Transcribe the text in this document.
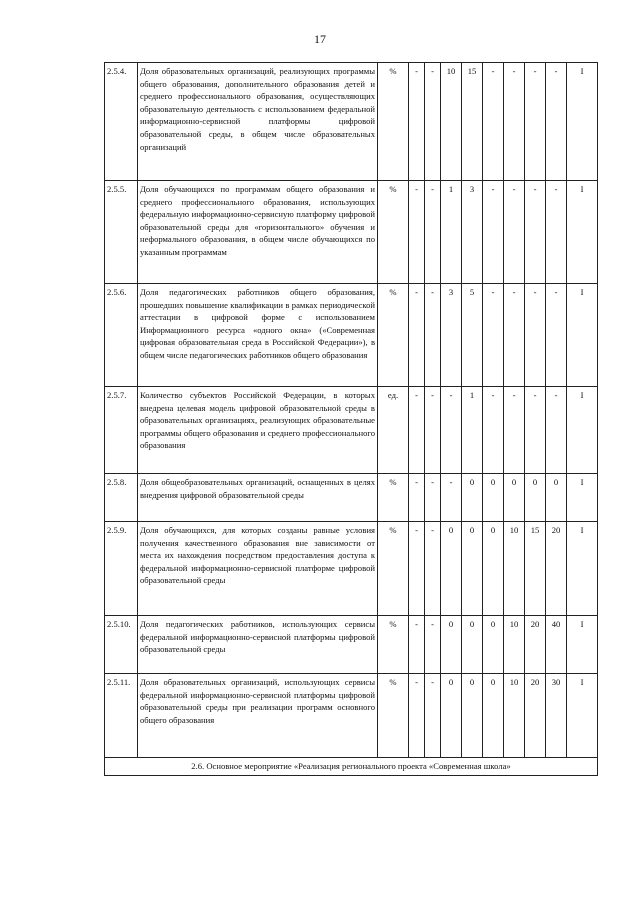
17
2.5.4.	Доля образовательных организаций, реализующих программы общего образования, дополнительного образования детей и среднего профессионального образования, осуществляющих образовательную деятельность с использованием федеральной информационно-сервисной платформы цифровой образовательной среды, в общем числе образовательных организаций	%	-	-	10	15	-	-	-	-	I
2.5.5.	Доля обучающихся по программам общего образования и среднего профессионального образования, использующих федеральную информационно-сервисную платформу цифровой образовательной среды для «горизонтального» обучения и неформального образования, в общем числе обучающихся по указанным программам	%	-	-	1	3	-	-	-	-	I
2.5.6.	Доля педагогических работников общего образования, прошедших повышение квалификации в рамках периодической аттестации в цифровой форме с использованием Информационного ресурса «одного окна» («Современная цифровая образовательная среда в Российской Федерации»), в общем числе педагогических работников общего образования	%	-	-	3	5	-	-	-	-	I
2.5.7.	Количество субъектов Российской Федерации, в которых внедрена целевая модель цифровой образовательной среды в образовательных организациях, реализующих образовательные программы общего образования и среднего профессионального образования	ед.	-	-	-	1	-	-	-	-	I
2.5.8.	Доля общеобразовательных организаций, оснащенных в целях внедрения цифровой образовательной среды	%	-	-	-	0	0	0	0	0	I
2.5.9.	Доля обучающихся, для которых созданы равные условия получения качественного образования вне зависимости от места их нахождения посредством предоставления доступа к федеральной информационно-сервисной платформе цифровой образовательной среды	%	-	-	0	0	0	10	15	20	I
2.5.10.	Доля педагогических работников, использующих сервисы федеральной информационно-сервисной платформы цифровой образовательной среды	%	-	-	0	0	0	10	20	40	I
2.5.11.	Доля образовательных организаций, использующих сервисы федеральной информационно-сервисной платформы цифровой образовательной среды при реализации программ основного общего образования	%	-	-	0	0	0	10	20	30	I
2.6. Основное мероприятие «Реализация регионального проекта «Современная школа»											
